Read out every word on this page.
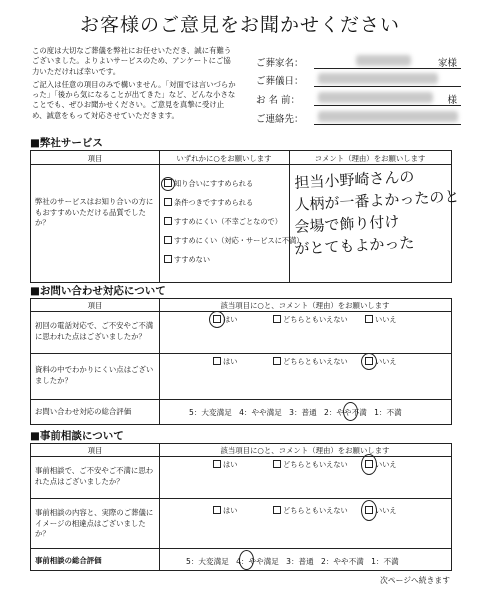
お客様のご意見をお聞かせください
この度は大切なご葬儀を弊社にお任せいただき、誠に有難うございました。よりよいサービスのため、アンケートにご協力いただければ幸いです。
ご記入は任意の項目のみで構いません。「対面では言いづらかった」「後から気になることが出てきた」など、どんな小さなことでも、ぜひお聞かせください。ご意見を真摯に受け止め、誠意をもって対応させていただきます。
ご葬家名：	家様
ご葬儀日：
お 名 前：	様
ご連絡先：
■弊社サービス
項目	いずれかに○をお願いします	コメント（理由）をお願いします
弊社のサービスはお知り合いの方にもおすすめいただける品質でしたか？
知り合いにすすめられる
条件つきですすめられる
すすめにくい（不幸ごとなので）
すすめにくい（対応・サービスに不満）
すすめない
担当小野崎さんの
人柄が一番よかったのと
会場で飾り付け
がとてもよかった
■お問い合わせ対応について
項目	該当項目に○と、コメント（理由）をお願いします
初回の電話対応で、ご不安やご不満に思われた点はございましたか？
はい	どちらともいえない	いいえ
資料の中でわかりにくい点はございましたか？
はい	どちらともいえない	いいえ
お問い合わせ対応の総合評価	5：大変満足 4：やや満足 3：普通 2：やや不満 1：不満
■事前相談について
項目	該当項目に○と、コメント（理由）をお願いします
事前相談で、ご不安やご不満に思われた点はございましたか？
はい	どちらともいえない	いいえ
事前相談の内容と、実際のご葬儀にイメージの相違点はございましたか？
はい	どちらともいえない	いいえ
事前相談の総合評価	5：大変満足 4：やや満足 3：普通 2：やや不満 1：不満
次ページへ続きます
